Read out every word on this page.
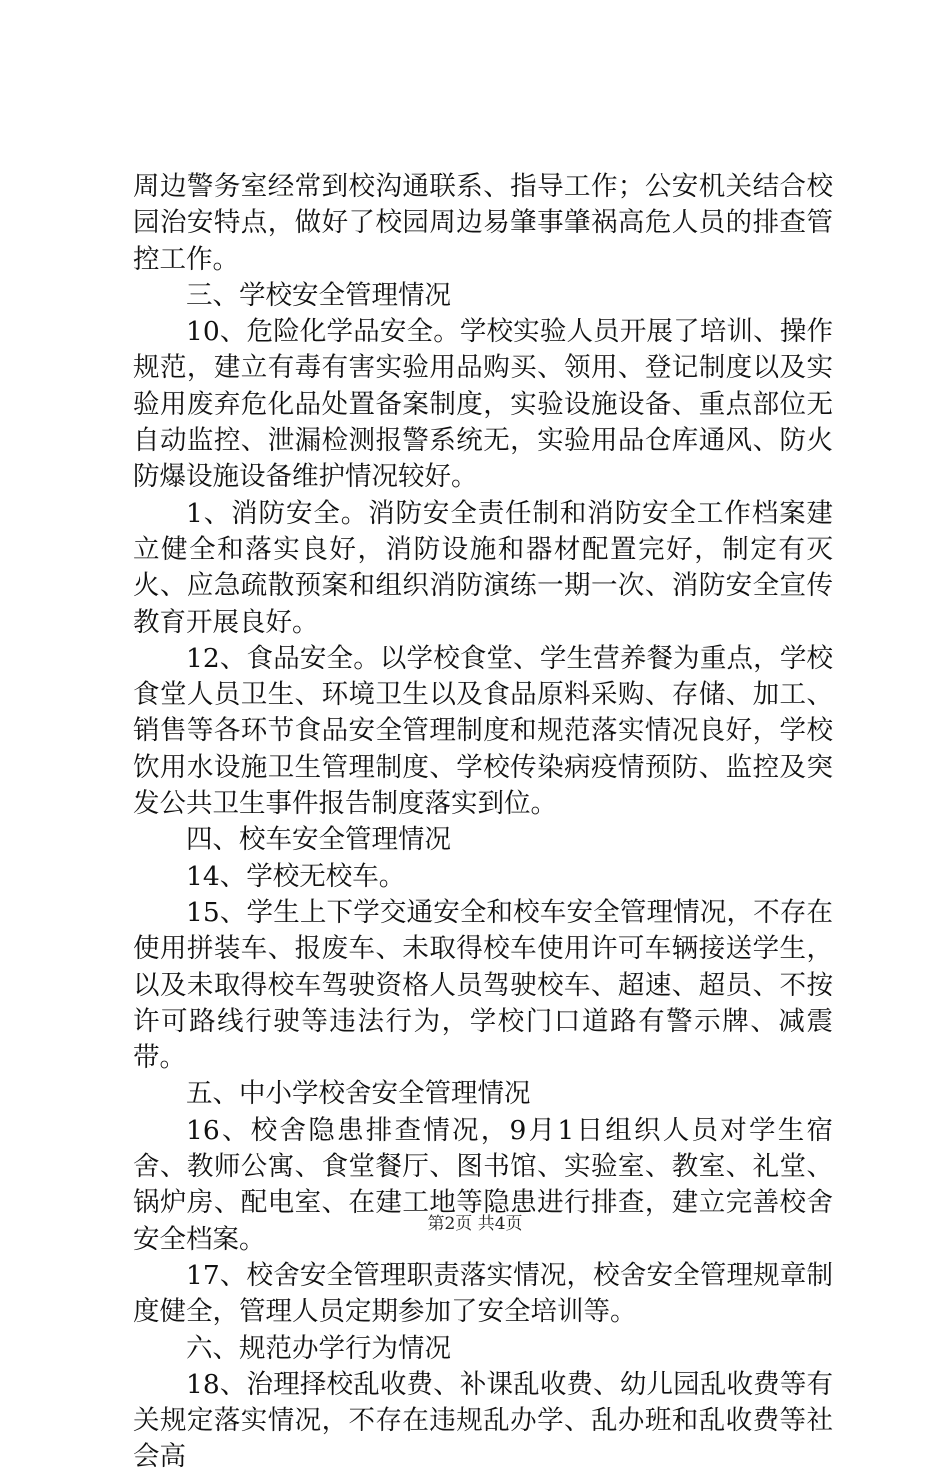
周边警务室经常到校沟通联系、指导工作；公安机关结合校园治安特点，做好了校园周边易肇事肇祸高危人员的排查管控工作。

三、学校安全管理情况

10、危险化学品安全。学校实验人员开展了培训、操作规范，建立有毒有害实验用品购买、领用、登记制度以及实验用废弃危化品处置备案制度，实验设施设备、重点部位无自动监控、泄漏检测报警系统无，实验用品仓库通风、防火防爆设施设备维护情况较好。

1、消防安全。消防安全责任制和消防安全工作档案建立健全和落实良好，消防设施和器材配置完好，制定有灭火、应急疏散预案和组织消防演练一期一次、消防安全宣传教育开展良好。

12、食品安全。以学校食堂、学生营养餐为重点，学校食堂人员卫生、环境卫生以及食品原料采购、存储、加工、销售等各环节食品安全管理制度和规范落实情况良好，学校饮用水设施卫生管理制度、学校传染病疫情预防、监控及突发公共卫生事件报告制度落实到位。

四、校车安全管理情况

14、学校无校车。

15、学生上下学交通安全和校车安全管理情况，不存在使用拼装车、报废车、未取得校车使用许可车辆接送学生，以及未取得校车驾驶资格人员驾驶校车、超速、超员、不按许可路线行驶等违法行为，学校门口道路有警示牌、减震带。

五、中小学校舍安全管理情况

16、校舍隐患排查情况，9月1日组织人员对学生宿舍、教师公寓、食堂餐厅、图书馆、实验室、教室、礼堂、锅炉房、配电室、在建工地等隐患进行排查，建立完善校舍安全档案。

17、校舍安全管理职责落实情况，校舍安全管理规章制度健全，管理人员定期参加了安全培训等。

六、规范办学行为情况

18、治理择校乱收费、补课乱收费、幼儿园乱收费等有关规定落实情况，不存在违规乱办学、乱办班和乱收费等社会高

第2页 共4页
